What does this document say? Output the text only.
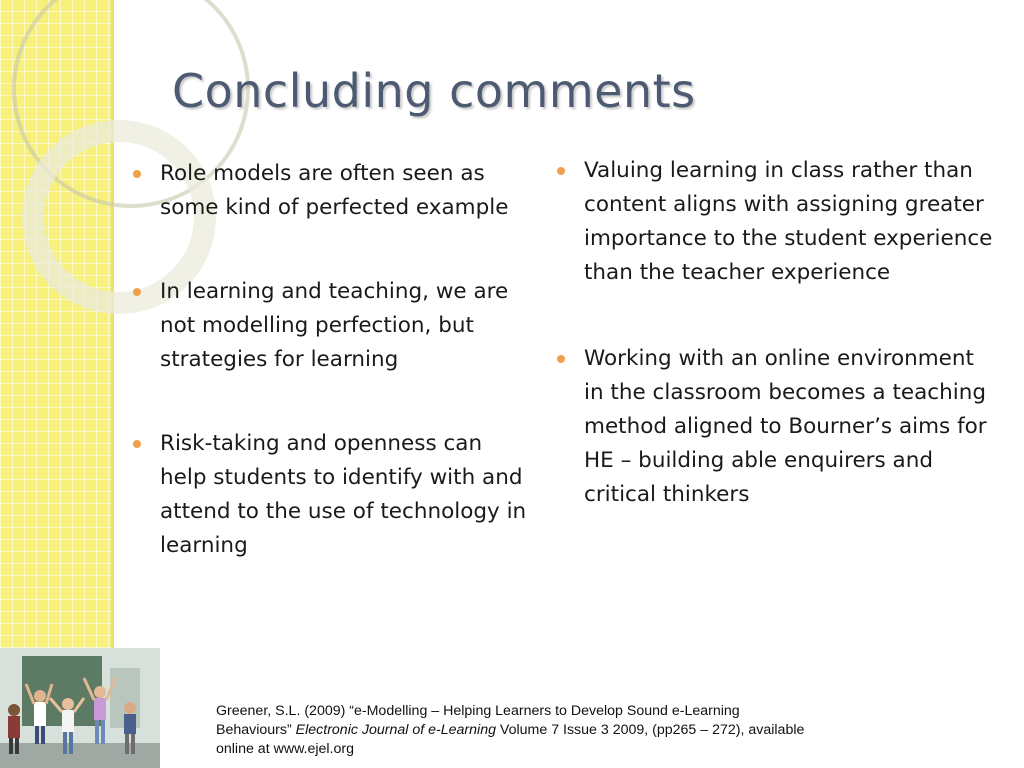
Concluding comments
Role models are often seen as some kind of perfected example
In learning and teaching, we are not modelling perfection, but strategies for learning
Risk-taking and openness can help students to identify with and attend to the use of technology in learning
Valuing learning in class rather than content aligns with assigning greater importance to the student experience than the teacher experience
Working with an online environment in the classroom becomes a teaching method aligned to Bourner’s aims for HE – building able enquirers and critical thinkers

Greener, S.L. (2009) “e-Modelling – Helping Learners to Develop Sound e-Learning Behaviours” Electronic Journal of e-Learning Volume 7 Issue 3 2009, (pp265 – 272), available online at www.ejel.org
